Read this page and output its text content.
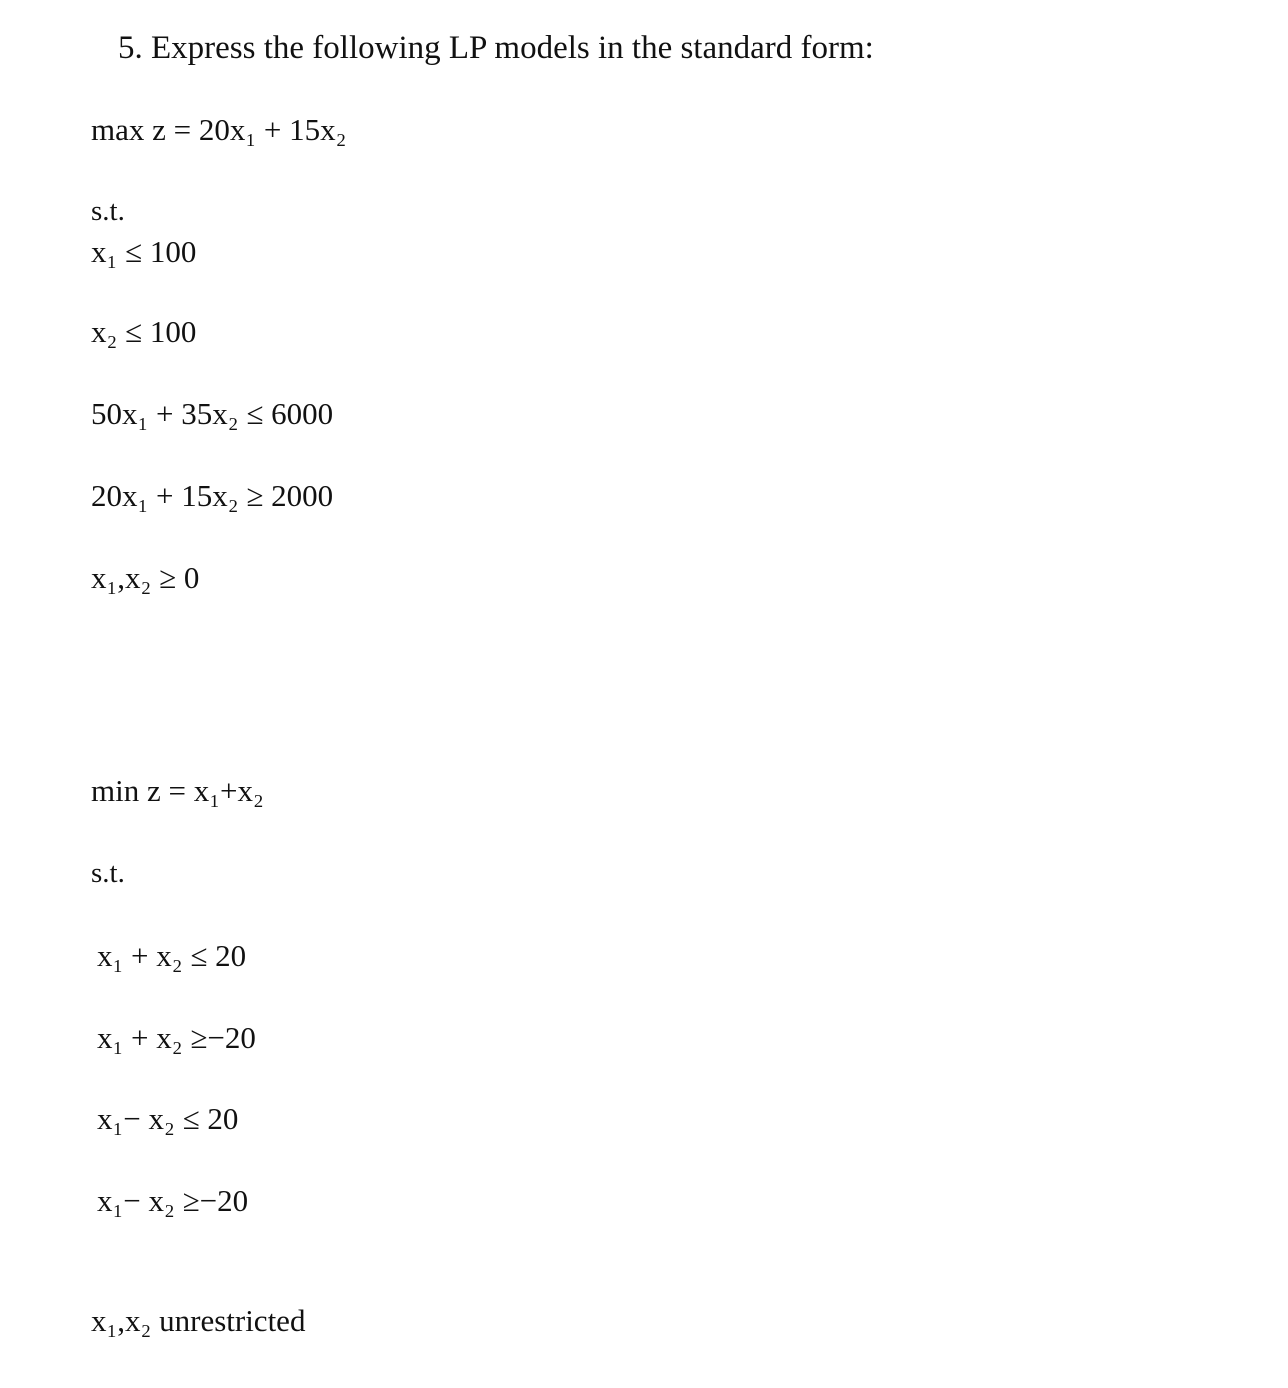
5. Express the following LP models in the standard form:
max z = 20x₁ + 15x₂
s.t.
x₁ ≤ 100
x₂ ≤ 100
50x₁ + 35x₂ ≤ 6000
20x₁ + 15x₂ ≥ 2000
x₁,x₂ ≥ 0
min z = x₁+x₂
s.t.
x₁ + x₂ ≤ 20
x₁ + x₂ ≥−20
x₁− x₂ ≤ 20
x₁− x₂ ≥−20
x₁,x₂ unrestricted
